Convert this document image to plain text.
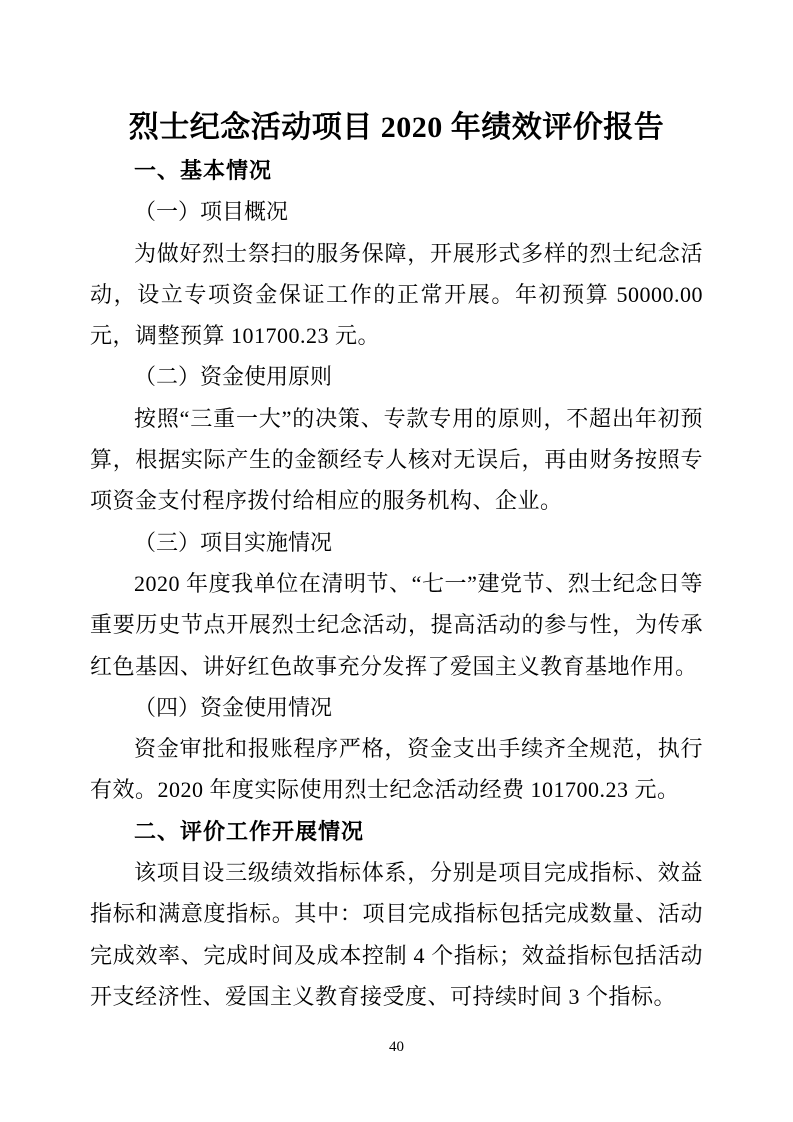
烈士纪念活动项目 2020 年绩效评价报告
一、基本情况
（一）项目概况

为做好烈士祭扫的服务保障，开展形式多样的烈士纪念活动，设立专项资金保证工作的正常开展。年初预算 50000.00 元，调整预算 101700.23 元。

（二）资金使用原则

按照“三重一大”的决策、专款专用的原则，不超出年初预算，根据实际产生的金额经专人核对无误后，再由财务按照专项资金支付程序拨付给相应的服务机构、企业。

（三）项目实施情况

2020 年度我单位在清明节、“七一”建党节、烈士纪念日等重要历史节点开展烈士纪念活动，提高活动的参与性，为传承红色基因、讲好红色故事充分发挥了爱国主义教育基地作用。

（四）资金使用情况

资金审批和报账程序严格，资金支出手续齐全规范，执行有效。2020 年度实际使用烈士纪念活动经费 101700.23 元。

二、评价工作开展情况

该项目设三级绩效指标体系，分别是项目完成指标、效益指标和满意度指标。其中：项目完成指标包括完成数量、活动完成效率、完成时间及成本控制 4 个指标；效益指标包括活动开支经济性、爱国主义教育接受度、可持续时间 3 个指标。

40
